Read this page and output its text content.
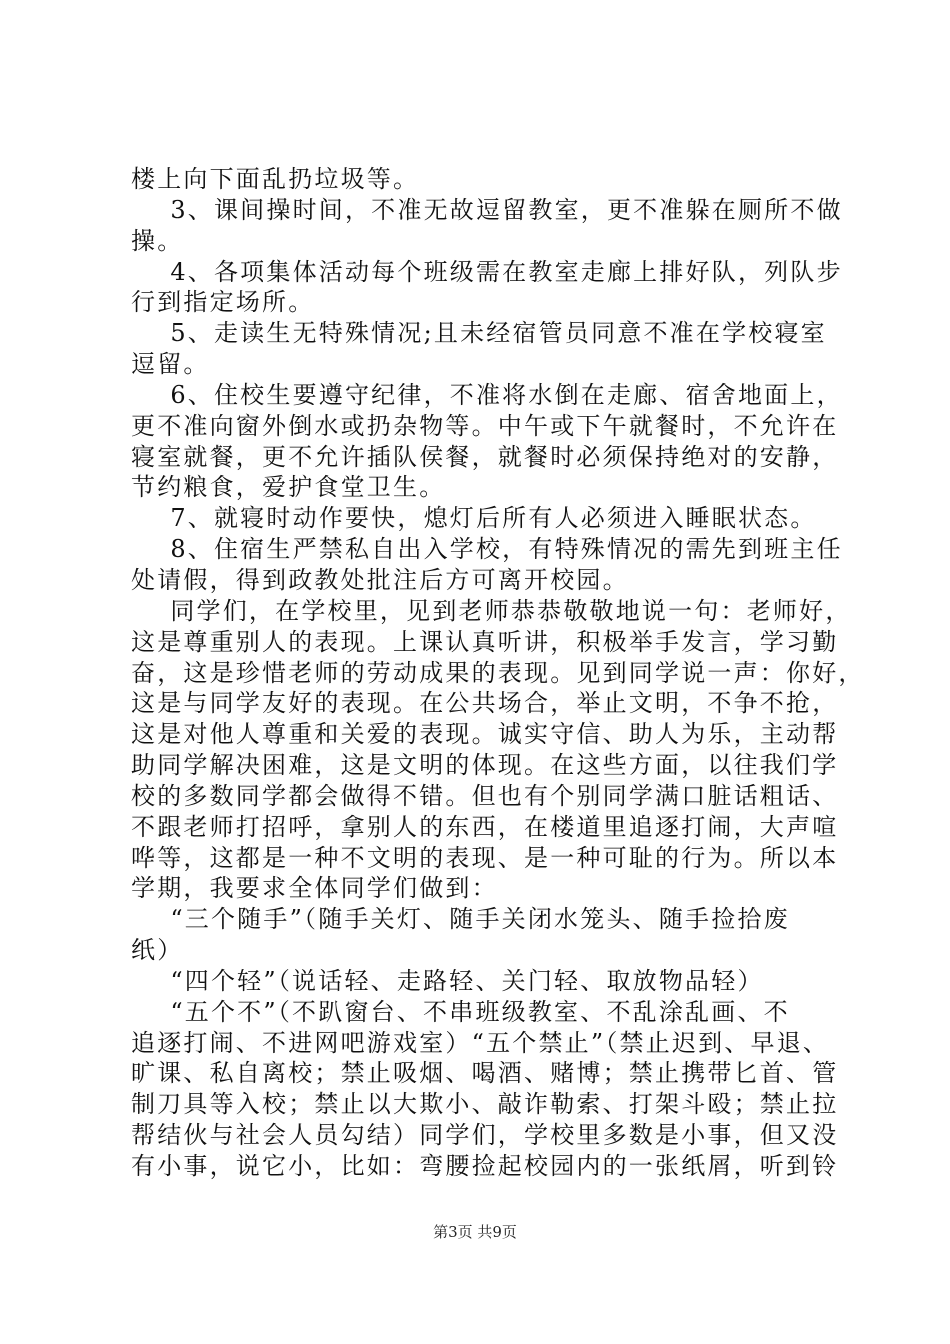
楼上向下面乱扔垃圾等。
3、课间操时间，不准无故逗留教室，更不准躲在厕所不做
操。
4、各项集体活动每个班级需在教室走廊上排好队，列队步
行到指定场所。
5、走读生无特殊情况;且未经宿管员同意不准在学校寝室
逗留。
6、住校生要遵守纪律，不准将水倒在走廊、宿舍地面上，
更不准向窗外倒水或扔杂物等。中午或下午就餐时，不允许在
寝室就餐，更不允许插队侯餐，就餐时必须保持绝对的安静，
节约粮食，爱护食堂卫生。
7、就寝时动作要快，熄灯后所有人必须进入睡眠状态。
8、住宿生严禁私自出入学校，有特殊情况的需先到班主任
处请假，得到政教处批注后方可离开校园。
同学们，在学校里，见到老师恭恭敬敬地说一句：老师好，
这是尊重别人的表现。上课认真听讲，积极举手发言，学习勤
奋，这是珍惜老师的劳动成果的表现。见到同学说一声：你好，
这是与同学友好的表现。在公共场合，举止文明，不争不抢，
这是对他人尊重和关爱的表现。诚实守信、助人为乐，主动帮
助同学解决困难，这是文明的体现。在这些方面，以往我们学
校的多数同学都会做得不错。但也有个别同学满口脏话粗话、
不跟老师打招呼，拿别人的东西，在楼道里追逐打闹，大声喧
哗等，这都是一种不文明的表现、是一种可耻的行为。所以本
学期，我要求全体同学们做到：
“三个随手”（随手关灯、随手关闭水笼头、随手捡拾废
纸）
“四个轻”（说话轻、走路轻、关门轻、取放物品轻）
“五个不”（不趴窗台、不串班级教室、不乱涂乱画、不
追逐打闹、不进网吧游戏室）“五个禁止”（禁止迟到、早退、
旷课、私自离校；禁止吸烟、喝酒、赌博；禁止携带匕首、管
制刀具等入校；禁止以大欺小、敲诈勒索、打架斗殴；禁止拉
帮结伙与社会人员勾结）同学们，学校里多数是小事，但又没
有小事，说它小，比如：弯腰捡起校园内的一张纸屑，听到铃
第3页 共9页
